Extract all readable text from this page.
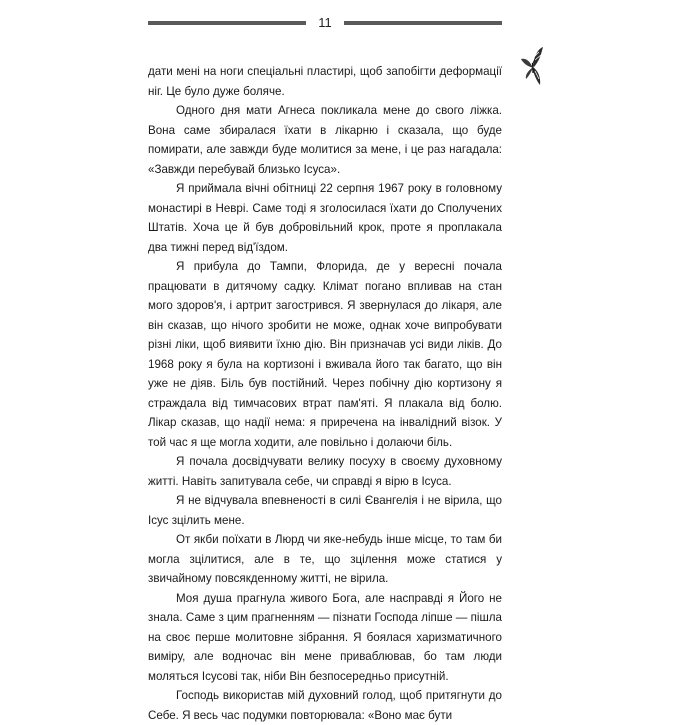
11

дати мені на ноги спеціальні пластирі, щоб запобігти деформації ніг. Це було дуже боляче.

Одного дня мати Агнеса покликала мене до свого ліжка. Вона саме збиралася їхати в лікарню і сказала, що буде помирати, але завжди буде молитися за мене, і це раз нагадала: «Завжди перебувай близько Ісуса».

Я приймала вічні обітниці 22 серпня 1967 року в головному монастирі в Неврі. Саме тоді я зголосилася їхати до Сполучених Штатів. Хоча це й був добровільний крок, проте я проплакала два тижні перед від'їздом.

Я прибула до Тампи, Флорида, де у вересні почала працювати в дитячому садку. Клімат погано впливав на стан мого здоров'я, і артрит загострився. Я звернулася до лікаря, але він сказав, що нічого зробити не може, однак хоче випробувати різні ліки, щоб виявити їхню дію. Він призначав усі види ліків. До 1968 року я була на кортизоні і вживала його так багато, що він уже не діяв. Біль був постійний. Через побічну дію кортизону я страждала від тимчасових втрат пам'яті. Я плакала від болю. Лікар сказав, що надії нема: я приречена на інвалідний візок. У той час я ще могла ходити, але повільно і долаючи біль.

Я почала досвідчувати велику посуху в своєму духовному житті. Навіть запитувала себе, чи справді я вірю в Ісуса.

Я не відчувала впевненості в силі Євангелія і не вірила, що Ісус зцілить мене.

От якби поїхати в Люрд чи яке-небудь інше місце, то там би могла зцілитися, але в те, що зцілення може статися у звичайному повсякденному житті, не вірила.

Моя душа прагнула живого Бога, але насправді я Його не знала. Саме з цим прагненням — пізнати Господа ліпше — пішла на своє перше молитовне зібрання. Я боялася харизматичного виміру, але водночас він мене приваблював, бо там люди моляться Ісусові так, ніби Він безпосередньо присутній.

Господь використав мій духовний голод, щоб притягнути до Себе. Я весь час подумки повторювала: «Воно має бути
